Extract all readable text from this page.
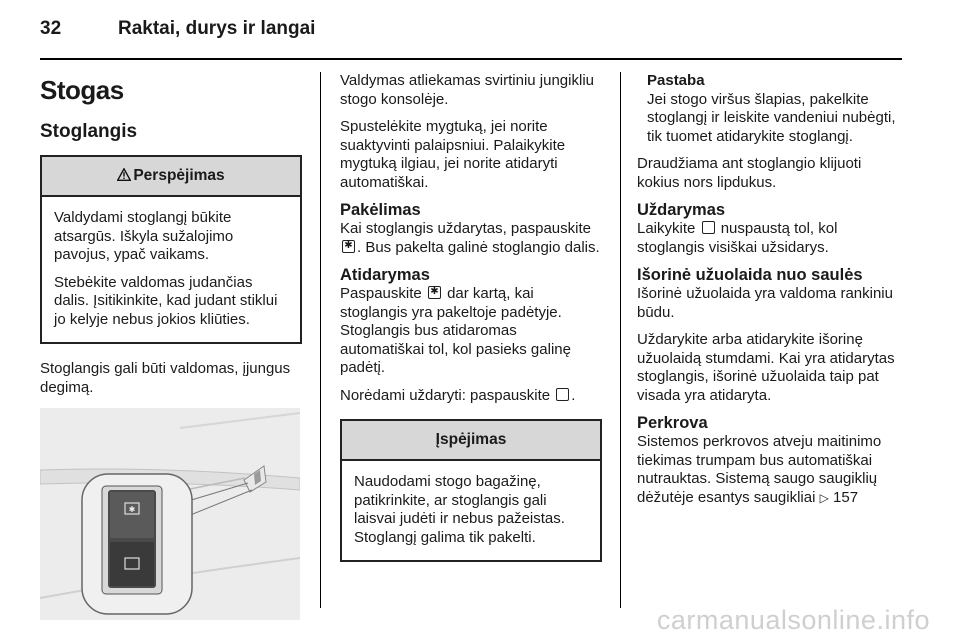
32	Raktai, durys ir langai
Stogas
Stoglangis
Perspėjimas

Valdydami stoglangį būkite atsargūs. Iškyla sužalojimo pavojus, ypač vaikams.

Stebėkite valdomas judančias dalis. Įsitikinkite, kad judant stiklui jo kelyje nebus jokios kliūties.

Stoglangis gali būti valdomas, įjungus degimą.

✱

Valdymas atliekamas svirtiniu jungikliu stogo konsolėje.

Spustelėkite mygtuką, jei norite suaktyvinti palaipsniui. Palaikykite mygtuką ilgiau, jei norite atidaryti automatiškai.

Pakėlimas

Kai stoglangis uždarytas, paspauskite ✱. Bus pakelta galinė stoglangio dalis.

Atidarymas

Paspauskite ✱ dar kartą, kai stoglangis yra pakeltoje padėtyje. Stoglangis bus atidaromas automatiškai tol, kol pasieks galinę padėtį.

Norėdami uždaryti: paspauskite .

Įspėjimas

Naudodami stogo bagažinę, patikrinkite, ar stoglangis gali laisvai judėti ir nebus pažeistas. Stoglangį galima tik pakelti.

Pastaba
Jei stogo viršus šlapias, pakelkite stoglangį ir leiskite vandeniui nubėgti, tik tuomet atidarykite stoglangį.

Draudžiama ant stoglangio klijuoti kokius nors lipdukus.

Uždarymas

Laikykite nuspaustą tol, kol stoglangis visiškai užsidarys.

Išorinė užuolaida nuo saulės

Išorinė užuolaida yra valdoma rankiniu būdu.

Uždarykite arba atidarykite išorinę užuolaidą stumdami. Kai yra atidarytas stoglangis, išorinė užuolaida taip pat visada yra atidaryta.

Perkrova

Sistemos perkrovos atveju maitinimo tiekimas trumpam bus automatiškai nutrauktas. Sistemą saugo saugiklių dėžutėje esantys saugikliai ▷ 157

carmanualsonline.info
